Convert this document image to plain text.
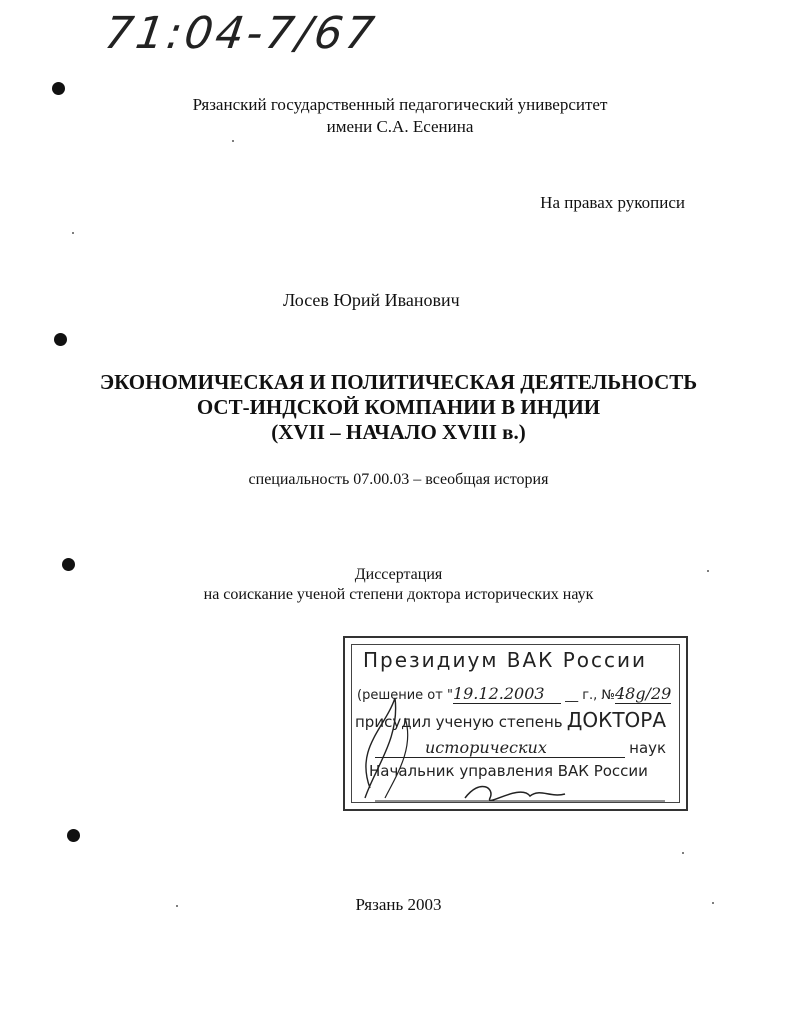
71:04-7/67
Рязанский государственный педагогический университет
имени С.А. Есенина
На правах рукописи
Лосев Юрий Иванович
ЭКОНОМИЧЕСКАЯ И ПОЛИТИЧЕСКАЯ ДЕЯТЕЛЬНОСТЬ
ОСТ-ИНДСКОЙ КОМПАНИИ В ИНДИИ
(XVII – НАЧАЛО XVIII в.)
специальность 07.00.03 – всеобщая история
Диссертация
на соискание ученой степени доктора исторических наук
Президиум ВАК России
(решение от "19.12.2003 __ г., №48g/29
присудил ученую степень ДОКТОРА
исторических	наук
Начальник управления ВАК России
Рязань 2003
